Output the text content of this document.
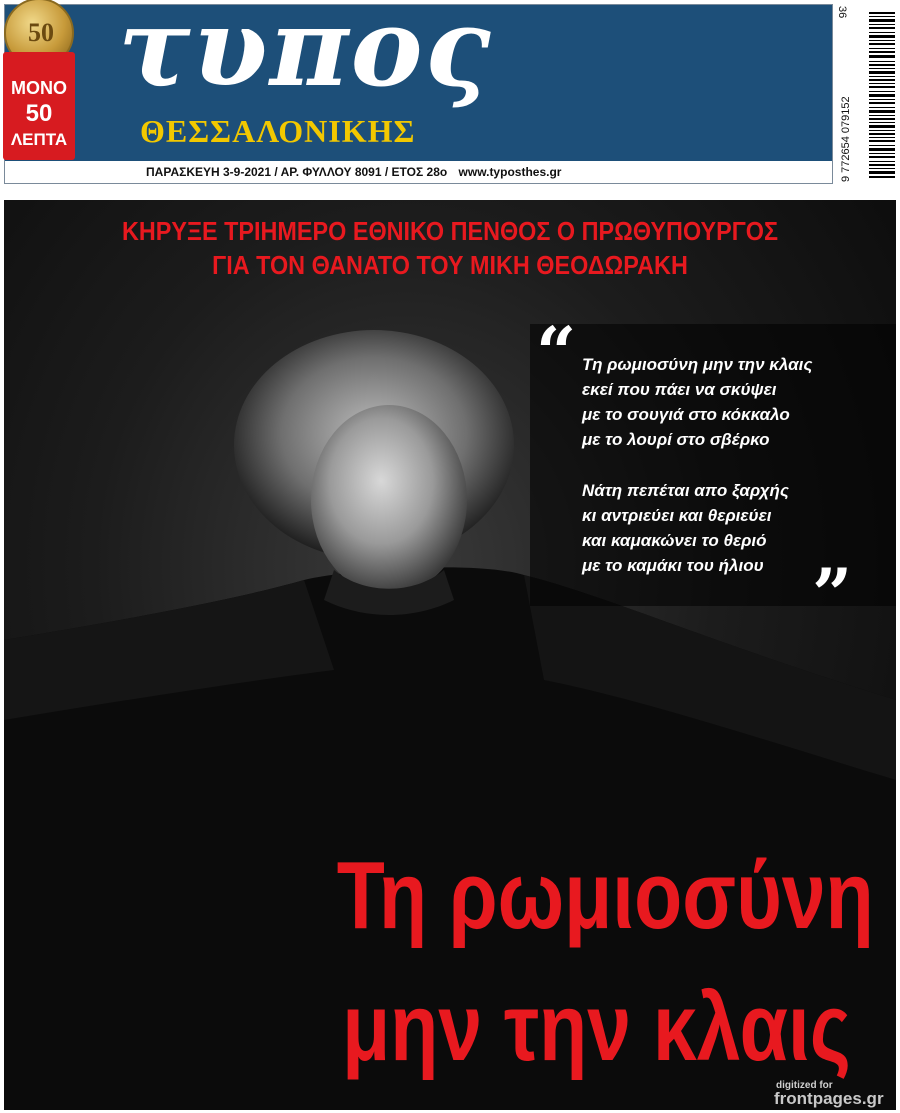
τυπος
ΘΕΣΣΑΛΟΝΙΚΗΣ
50
ΜΟΝΟ
50
ΛΕΠΤΑ
ΠΑΡΑΣΚΕΥΗ 3-9-2021 / ΑΡ. ΦΥΛΛΟΥ 8091 / ΕΤΟΣ 28ο www.typosthes.gr
36
9 772654 079152
ΚΗΡΥΞΕ ΤΡΙΗΜΕΡΟ ΕΘΝΙΚΟ ΠΕΝΘΟΣ Ο ΠΡΩΘΥΠΟΥΡΓΟΣ
ΓΙΑ ΤΟΝ ΘΑΝΑΤΟ ΤΟΥ ΜΙΚΗ ΘΕΟΔΩΡΑΚΗ
“ Τη ρωμιοσύνη μην την κλαις
εκεί που πάει να σκύψει
με το σουγιά στο κόκκαλο
με το λουρί στο σβέρκο
Νάτη πεπέται απο ξαρχής
κι αντριεύει και θεριεύει
και καμακώνει το θεριό
με το καμάκι του ήλιου ”
Τη ρωμιοσύνη
μην την κλαις
digitized for
frontpages.gr
